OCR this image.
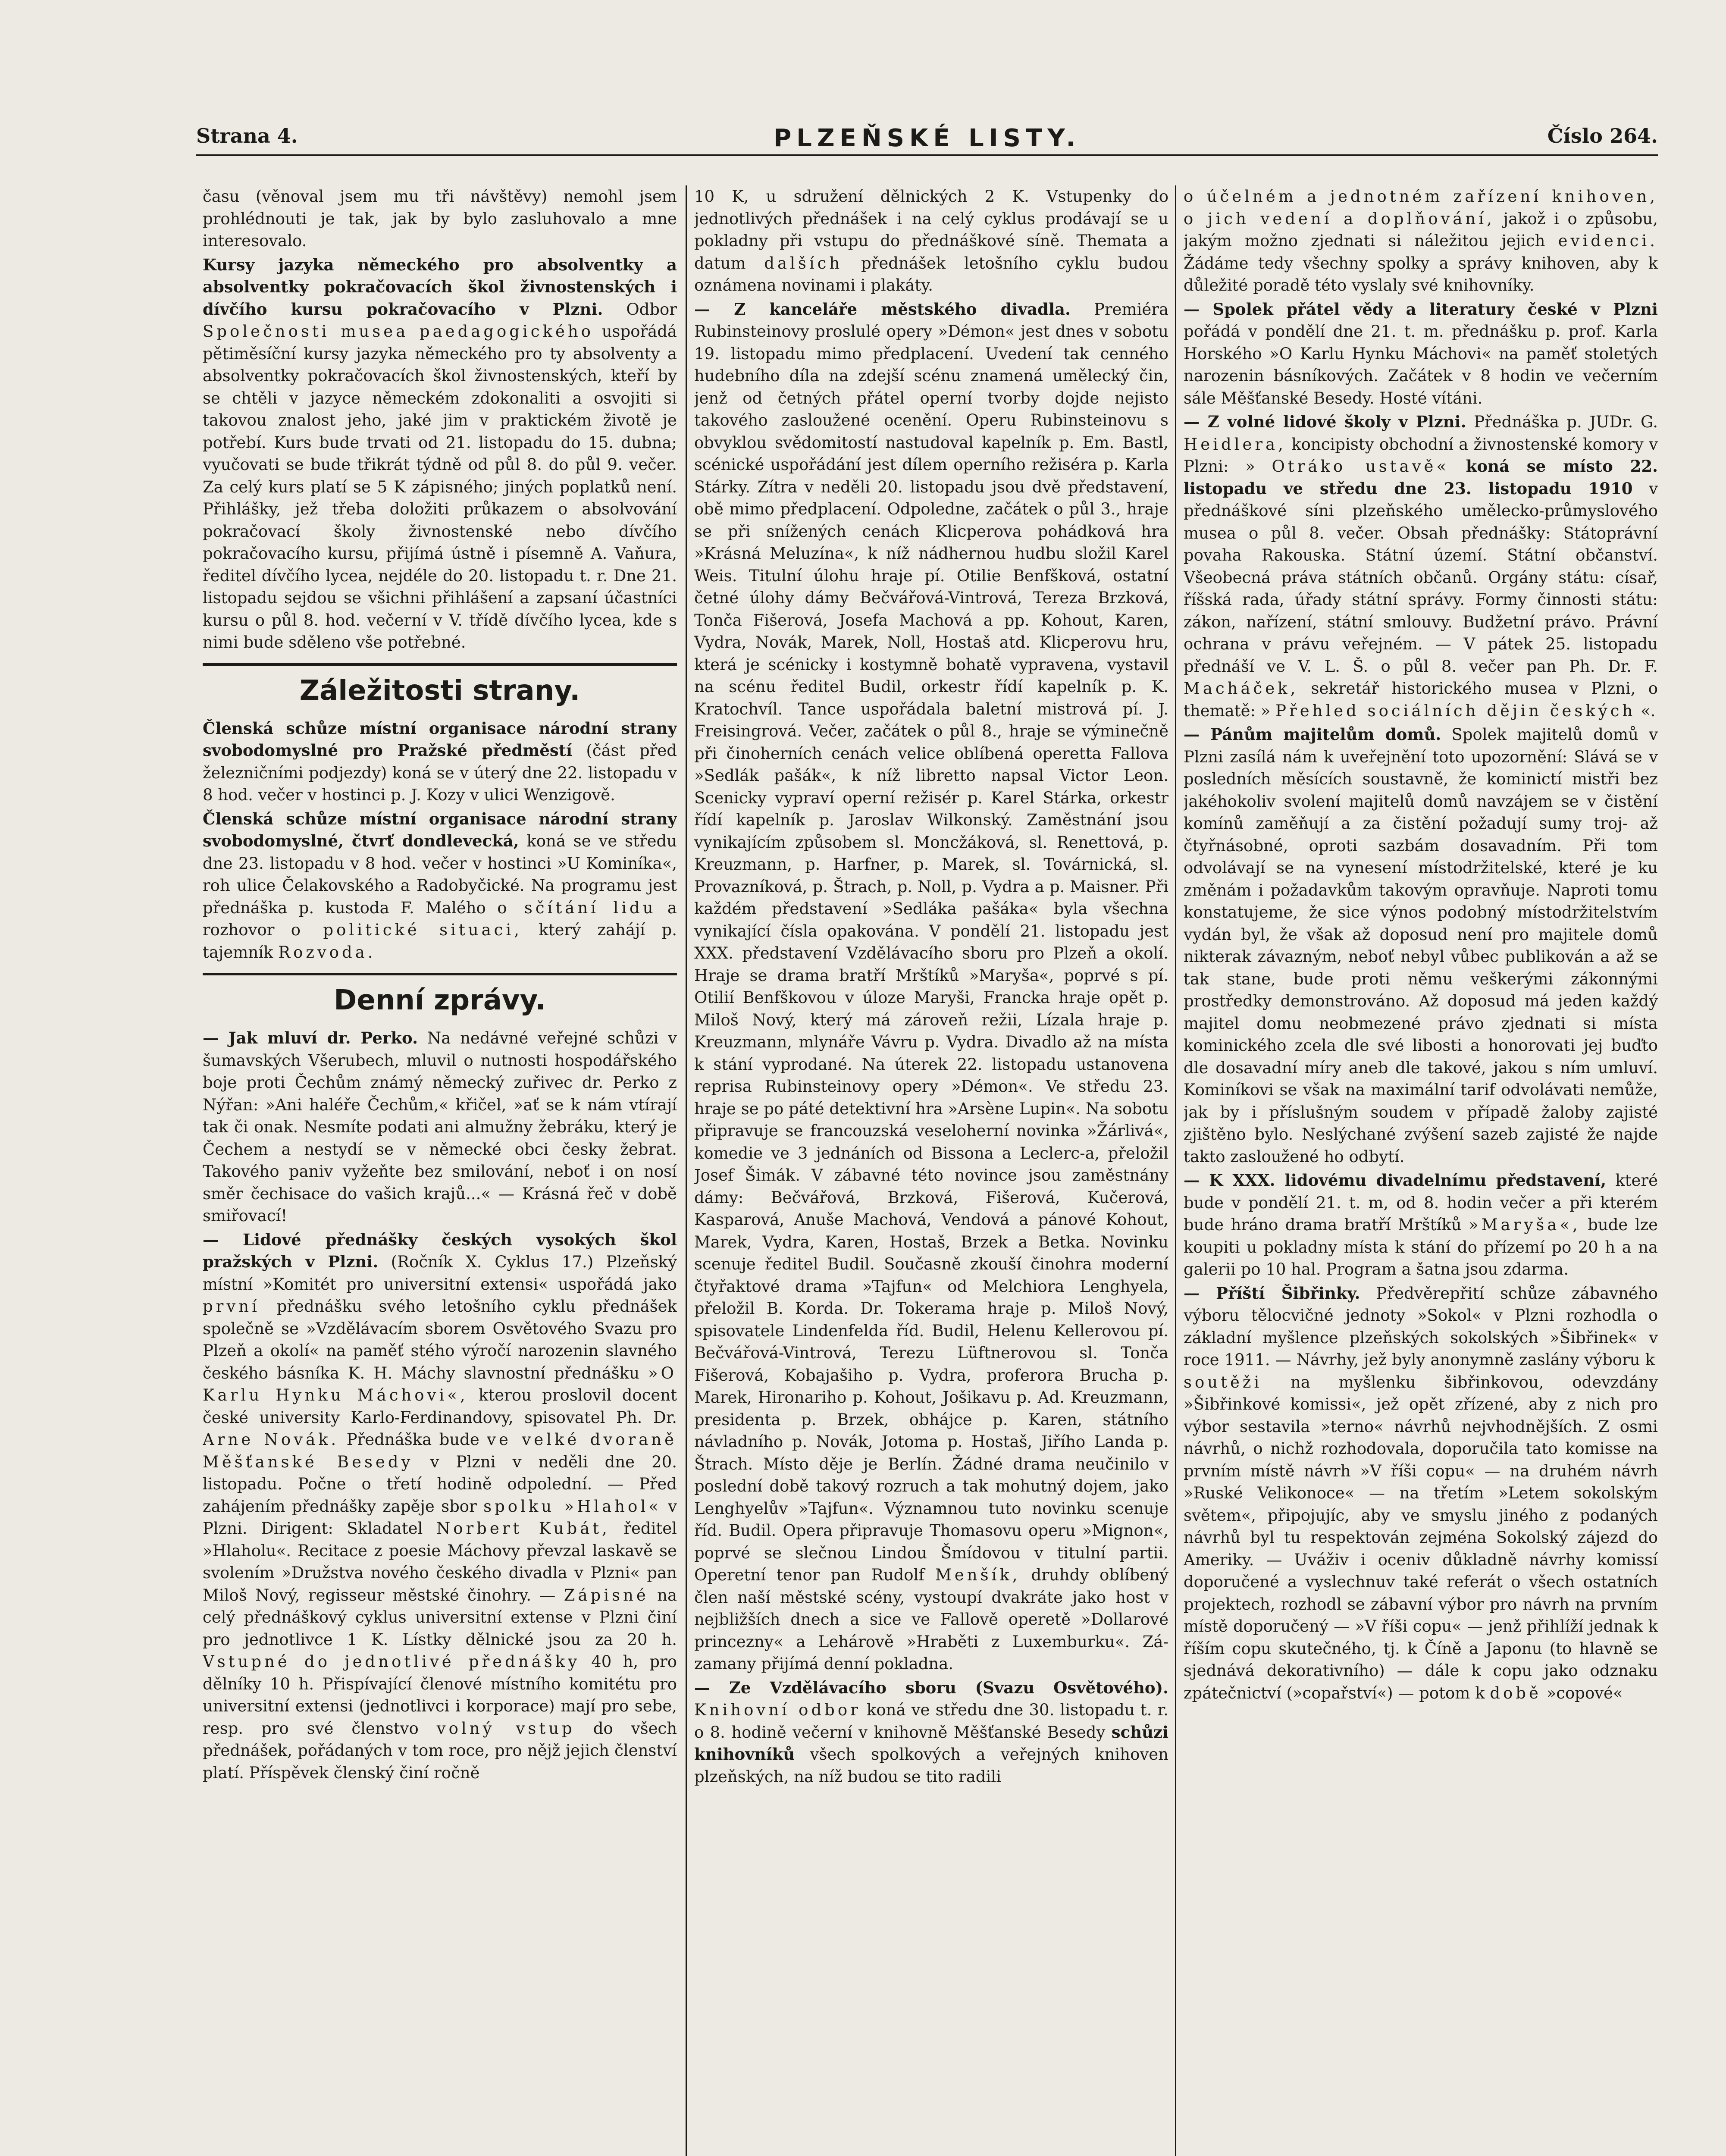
Strana 4.	PLZEŇSKÉ LISTY.	Číslo 264.

času (věnoval jsem mu tři návštěvy) nemohl jsem prohlédnouti je tak, jak by bylo zasluhovalo a mne interesovalo.

Kursy jazyka německého pro absolventky a absolventky pokračovacích škol živnostenských i dívčího kursu pokračovacího v Plzni. Odbor Společnosti musea paedagogického uspořádá pětiměsíční kursy jazyka německého pro ty absolventy a absolventky pokračovacích škol živnostenských, kteří by se chtěli v jazyce německém zdokonaliti a osvojiti si takovou znalost jeho, jaké jim v praktickém životě je potřebí. Kurs bude trvati od 21. listopadu do 15. dubna; vyučovati se bude třikrát týdně od půl 8. do půl 9. večer. Za celý kurs platí se 5 K zápisného; jiných poplatků není. Přihlášky, jež třeba doložiti průkazem o absolvování pokračovací školy živnostenské nebo dívčího pokračovacího kursu, přijímá ústně i písemně A. Vaňura, ředitel dívčího lycea, nejdéle do 20. listopadu t. r. Dne 21. listopadu sejdou se všichni přihlášení a zapsaní účastníci kursu o půl 8. hod. večerní v V. třídě dívčího lycea, kde s nimi bude sděleno vše potřebné.

Záležitosti strany.

Členská schůze místní organisace národní strany svobodomyslné pro Pražské předměstí (část před železničními podjezdy) koná se v úterý dne 22. listopadu v 8 hod. večer v hostinci p. J. Kozy v ulici Wenzigově.

Členská schůze místní organisace národní strany svobodomyslné, čtvrť dondlevecká, koná se ve středu dne 23. listopadu v 8 hod. večer v hostinci »U Kominíka«, roh ulice Čelakovského a Radobyčické. Na programu jest přednáška p. kustoda F. Malého o sčítání lidu a rozhovor o politické situaci, který zahájí p. tajemník Rozvoda.

Denní zprávy.

— Jak mluví dr. Perko. Na nedávné veřejné schůzi v šumavských Všerubech, mluvil o nutnosti hospodářského boje proti Čechům známý německý zuřivec dr. Perko z Nýřan: »Ani haléře Čechům,« křičel, »ať se k nám vtírají tak či onak. Nesmíte podati ani almužny žebráku, který je Čechem a nestydí se v německé obci česky žebrat. Takového paniv vyžeňte bez smilování, neboť i on nosí směr čechisace do vašich krajů...« — Krásná řeč v době smiřovací!

— Lidové přednášky českých vysokých škol pražských v Plzni. (Ročník X. Cyklus 17.) Plzeňský místní »Komitét pro universitní extensi« uspořádá jako první přednášku svého letošního cyklu přednášek společně se »Vzdělávacím sborem Osvětového Svazu pro Plzeň a okolí« na paměť stého výročí narozenin slavného českého básníka K. H. Máchy slavnostní přednášku »O Karlu Hynku Máchovi«, kterou proslovil docent české university Karlo-Ferdinandovy, spisovatel Ph. Dr. Arne Novák. Přednáška bude ve velké dvoraně Měšťanské Besedy v Plzni v neděli dne 20. listopadu. Počne o třetí hodině odpolední. — Před zahájením přednášky zapěje sbor spolku »Hlahol« v Plzni. Dirigent: Skladatel Norbert Kubát, ředitel »Hlaholu«. Recitace z poesie Máchovy převzal laskavě se svolením »Družstva nového českého divadla v Plzni« pan Miloš Nový, regisseur městské činohry. — Zápisné na celý přednáškový cyklus universitní extense v Plzni činí pro jednotlivce 1 K. Lístky dělnické jsou za 20 h. Vstupné do jednotlivé přednášky 40 h, pro dělníky 10 h. Přispívající členové místního komitétu pro universitní extensi (jednotlivci i korporace) mají pro sebe, resp. pro své členstvo volný vstup do všech přednášek, pořádaných v tom roce, pro nějž jejich členství platí. Příspěvek členský činí ročně

10 K, u sdružení dělnických 2 K. Vstupenky do jednotlivých přednášek i na celý cyklus prodávají se u pokladny při vstupu do přednáškové síně. Themata a datum dalších přednášek letošního cyklu budou oznámena novinami i plakáty.

— Z kanceláře městského divadla. Premiéra Rubinsteinovy proslulé opery »Démon« jest dnes v sobotu 19. listopadu mimo předplacení. Uvedení tak cenného hudebního díla na zdejší scénu znamená umělecký čin, jenž od četných přátel operní tvorby dojde nejisto takového zasloužené ocenění. Operu Rubinsteinovu s obvyklou svědomitostí nastudoval kapelník p. Em. Bastl, scénické uspořádání jest dílem operního režiséra p. Karla Stárky. Zítra v neděli 20. listopadu jsou dvě představení, obě mimo předplacení. Odpoledne, začátek o půl 3., hraje se při snížených cenách Klicperova pohádková hra »Krásná Meluzína«, k níž nádhernou hudbu složil Karel Weis. Titulní úlohu hraje pí. Otilie Benfšková, ostatní četné úlohy dámy Bečvářová-Vintrová, Tereza Brzková, Tonča Fišerová, Josefa Machová a pp. Kohout, Karen, Vydra, Novák, Marek, Noll, Hostaš atd. Klicperovu hru, která je scénicky i kostymně bohatě vypravena, vystavil na scénu ředitel Budil, orkestr řídí kapelník p. K. Kratochvíl. Tance uspořádala baletní mistrová pí. J. Freisingrová. Večer, začátek o půl 8., hraje se výminečně při činoherních cenách velice oblíbená operetta Fallova »Sedlák pašák«, k níž libretto napsal Victor Leon. Scenicky vypraví operní režisér p. Karel Stárka, orkestr řídí kapelník p. Jaroslav Wilkonský. Zaměstnání jsou vynikajícím způsobem sl. Moncžáková, sl. Renettová, p. Kreuzmann, p. Harfner, p. Marek, sl. Továrnická, sl. Provazníková, p. Štrach, p. Noll, p. Vydra a p. Maisner. Při každém představení »Sedláka pašáka« byla všechna vynikající čísla opakována. V pondělí 21. listopadu jest XXX. představení Vzdělávacího sboru pro Plzeň a okolí. Hraje se drama bratří Mrštíků »Maryša«, poprvé s pí. Otilií Benfškovou v úloze Maryši, Francka hraje opět p. Miloš Nový, který má zároveň režii, Lízala hraje p. Kreuzmann, mlynáře Vávru p. Vydra. Divadlo až na místa k stání vyprodané. Na úterek 22. listopadu ustanovena reprisa Rubinsteinovy opery »Démon«. Ve středu 23. hraje se po páté detektivní hra »Arsène Lupin«. Na sobotu připravuje se francouzská veseloherní novinka »Žárlivá«, komedie ve 3 jednáních od Bissona a Leclerc-a, přeložil Josef Šimák. V zábavné této novince jsou zaměstnány dámy: Bečvářová, Brzková, Fišerová, Kučerová, Kasparová, Anuše Machová, Vendová a pánové Kohout, Marek, Vydra, Karen, Hostaš, Brzek a Betka. Novinku scenuje ředitel Budil. Současně zkouší činohra moderní čtyřaktové drama »Tajfun« od Melchiora Lenghyela, přeložil B. Korda. Dr. Tokerama hraje p. Miloš Nový, spisovatele Lindenfelda říd. Budil, Helenu Kellerovou pí. Bečvářová-Vintrová, Terezu Lüftnerovou sl. Tonča Fišerová, Kobajašiho p. Vydra, proferora Brucha p. Marek, Hironariho p. Kohout, Jošikavu p. Ad. Kreuzmann, presidenta p. Brzek, obhájce p. Karen, státního návladního p. Novák, Jotoma p. Hostaš, Jiřího Landa p. Štrach. Místo děje je Berlín. Žádné drama neučinilo v poslední době takový rozruch a tak mohutný dojem, jako Lenghyelův »Tajfun«. Významnou tuto novinku scenuje říd. Budil. Opera připravuje Thomasovu operu »Mignon«, poprvé se slečnou Lindou Šmídovou v titulní partii. Operetní tenor pan Rudolf Menšík, druhdy oblíbený člen naší městské scény, vystoupí dvakráte jako host v nejbližších dnech a sice ve Fallově operetě »Dollarové princezny« a Lehárově »Hraběti z Luxemburku«. Zá- zamany přijímá denní pokladna.

— Ze Vzdělávacího sboru (Svazu Osvětového). Knihovní odbor koná ve středu dne 30. listopadu t. r. o 8. hodině večerní v knihovně Měšťanské Besedy schůzi knihovníků všech spolkových a veřejných knihoven plzeňských, na níž budou se tito radili

o účelném a jednotném zařízení knihoven, o jich vedení a doplňování, jakož i o způsobu, jakým možno zjednati si náležitou jejich evidenci. Žádáme tedy všechny spolky a správy knihoven, aby k důležité poradě této vyslaly své knihovníky.

— Spolek přátel vědy a literatury české v Plzni pořádá v pondělí dne 21. t. m. přednášku p. prof. Karla Horského »O Karlu Hynku Máchovi« na paměť stoletých narozenin básníkových. Začátek v 8 hodin ve večerním sále Měšťanské Besedy. Hosté vítáni.

— Z volné lidové školy v Plzni. Přednáška p. JUDr. G. Heidlera, koncipisty obchodní a živnostenské komory v Plzni: » Otráko ustavě« koná se místo 22. listopadu ve středu dne 23. listopadu 1910 v přednáškové síni plzeňského umělecko-průmyslového musea o půl 8. večer. Obsah přednášky: Státoprávní povaha Rakouska. Státní území. Státní občanství. Všeobecná práva státních občanů. Orgány státu: císař, říšská rada, úřady státní správy. Formy činnosti státu: zákon, nařízení, státní smlouvy. Budžetní právo. Právní ochrana v právu veřejném. — V pátek 25. listopadu přednáší ve V. L. Š. o půl 8. večer pan Ph. Dr. F. Macháček, sekretář historického musea v Plzni, o thematě: » Přehled sociálních dějin českých «.

— Pánům majitelům domů. Spolek majitelů domů v Plzni zasílá nám k uveřejnění toto upozornění: Slává se v posledních měsících soustavně, že kominictí mistři bez jakéhokoliv svolení majitelů domů navzájem se v čistění komínů zaměňují a za čistění požadují sumy troj- až čtyřnásobné, oproti sazbám dosavadním. Při tom odvolávají se na vynesení místodržitelské, které je ku změnám i požadavkům takovým opravňuje. Naproti tomu konstatujeme, že sice výnos podobný místodržitelstvím vydán byl, že však až doposud není pro majitele domů nikterak závazným, neboť nebyl vůbec publikován a až se tak stane, bude proti němu veškerými zákonnými prostředky demonstrováno. Až doposud má jeden každý majitel domu neobmezené právo zjednati si místa kominického zcela dle své libosti a honorovati jej buďto dle dosavadní míry aneb dle takové, jakou s ním umluví. Kominíkovi se však na maximální tarif odvolávati nemůže, jak by i příslušným soudem v případě žaloby zajisté zjištěno bylo. Neslýchané zvýšení sazeb zajisté že najde takto zasloužené ho odbytí.

— K XXX. lidovému divadelnímu představení, které bude v pondělí 21. t. m, od 8. hodin večer a při kterém bude hráno drama bratří Mrštíků »Maryša«, bude lze koupiti u pokladny místa k stání do přízemí po 20 h a na galerii po 10 hal. Program a šatna jsou zdarma.

— Příští Šibřinky. Předvěrepřití schůze zábavného výboru tělocvičné jednoty »Sokol« v Plzni rozhodla o základní myšlence plzeňských sokolských »Šibřinek« v roce 1911. — Návrhy, jež byly anonymně zaslány výboru k soutěži na myšlenku šibřinkovou, odevzdány »Šibřinkové komissi«, jež opět zřízené, aby z nich pro výbor sestavila »terno« návrhů nejvhodnějších. Z osmi návrhů, o nichž rozhodovala, doporučila tato komisse na prvním místě návrh »V říši copu« — na druhém návrh »Ruské Velikonoce« — na třetím »Letem sokolským světem«, připojujíc, aby ve smyslu jiného z podaných návrhů byl tu respektován zejména Sokolský zájezd do Ameriky. — Uváživ i oceniv důkladně návrhy komissí doporučené a vyslechnuv také referát o všech ostatních projektech, rozhodl se zábavní výbor pro návrh na prvním místě doporučený — »V říši copu« — jenž přihlíží jednak k říším copu skutečného, tj. k Číně a Japonu (to hlavně se sjednává dekorativního) — dále k copu jako odznaku zpátečnictví (»copařství«) — potom k době »copové«
